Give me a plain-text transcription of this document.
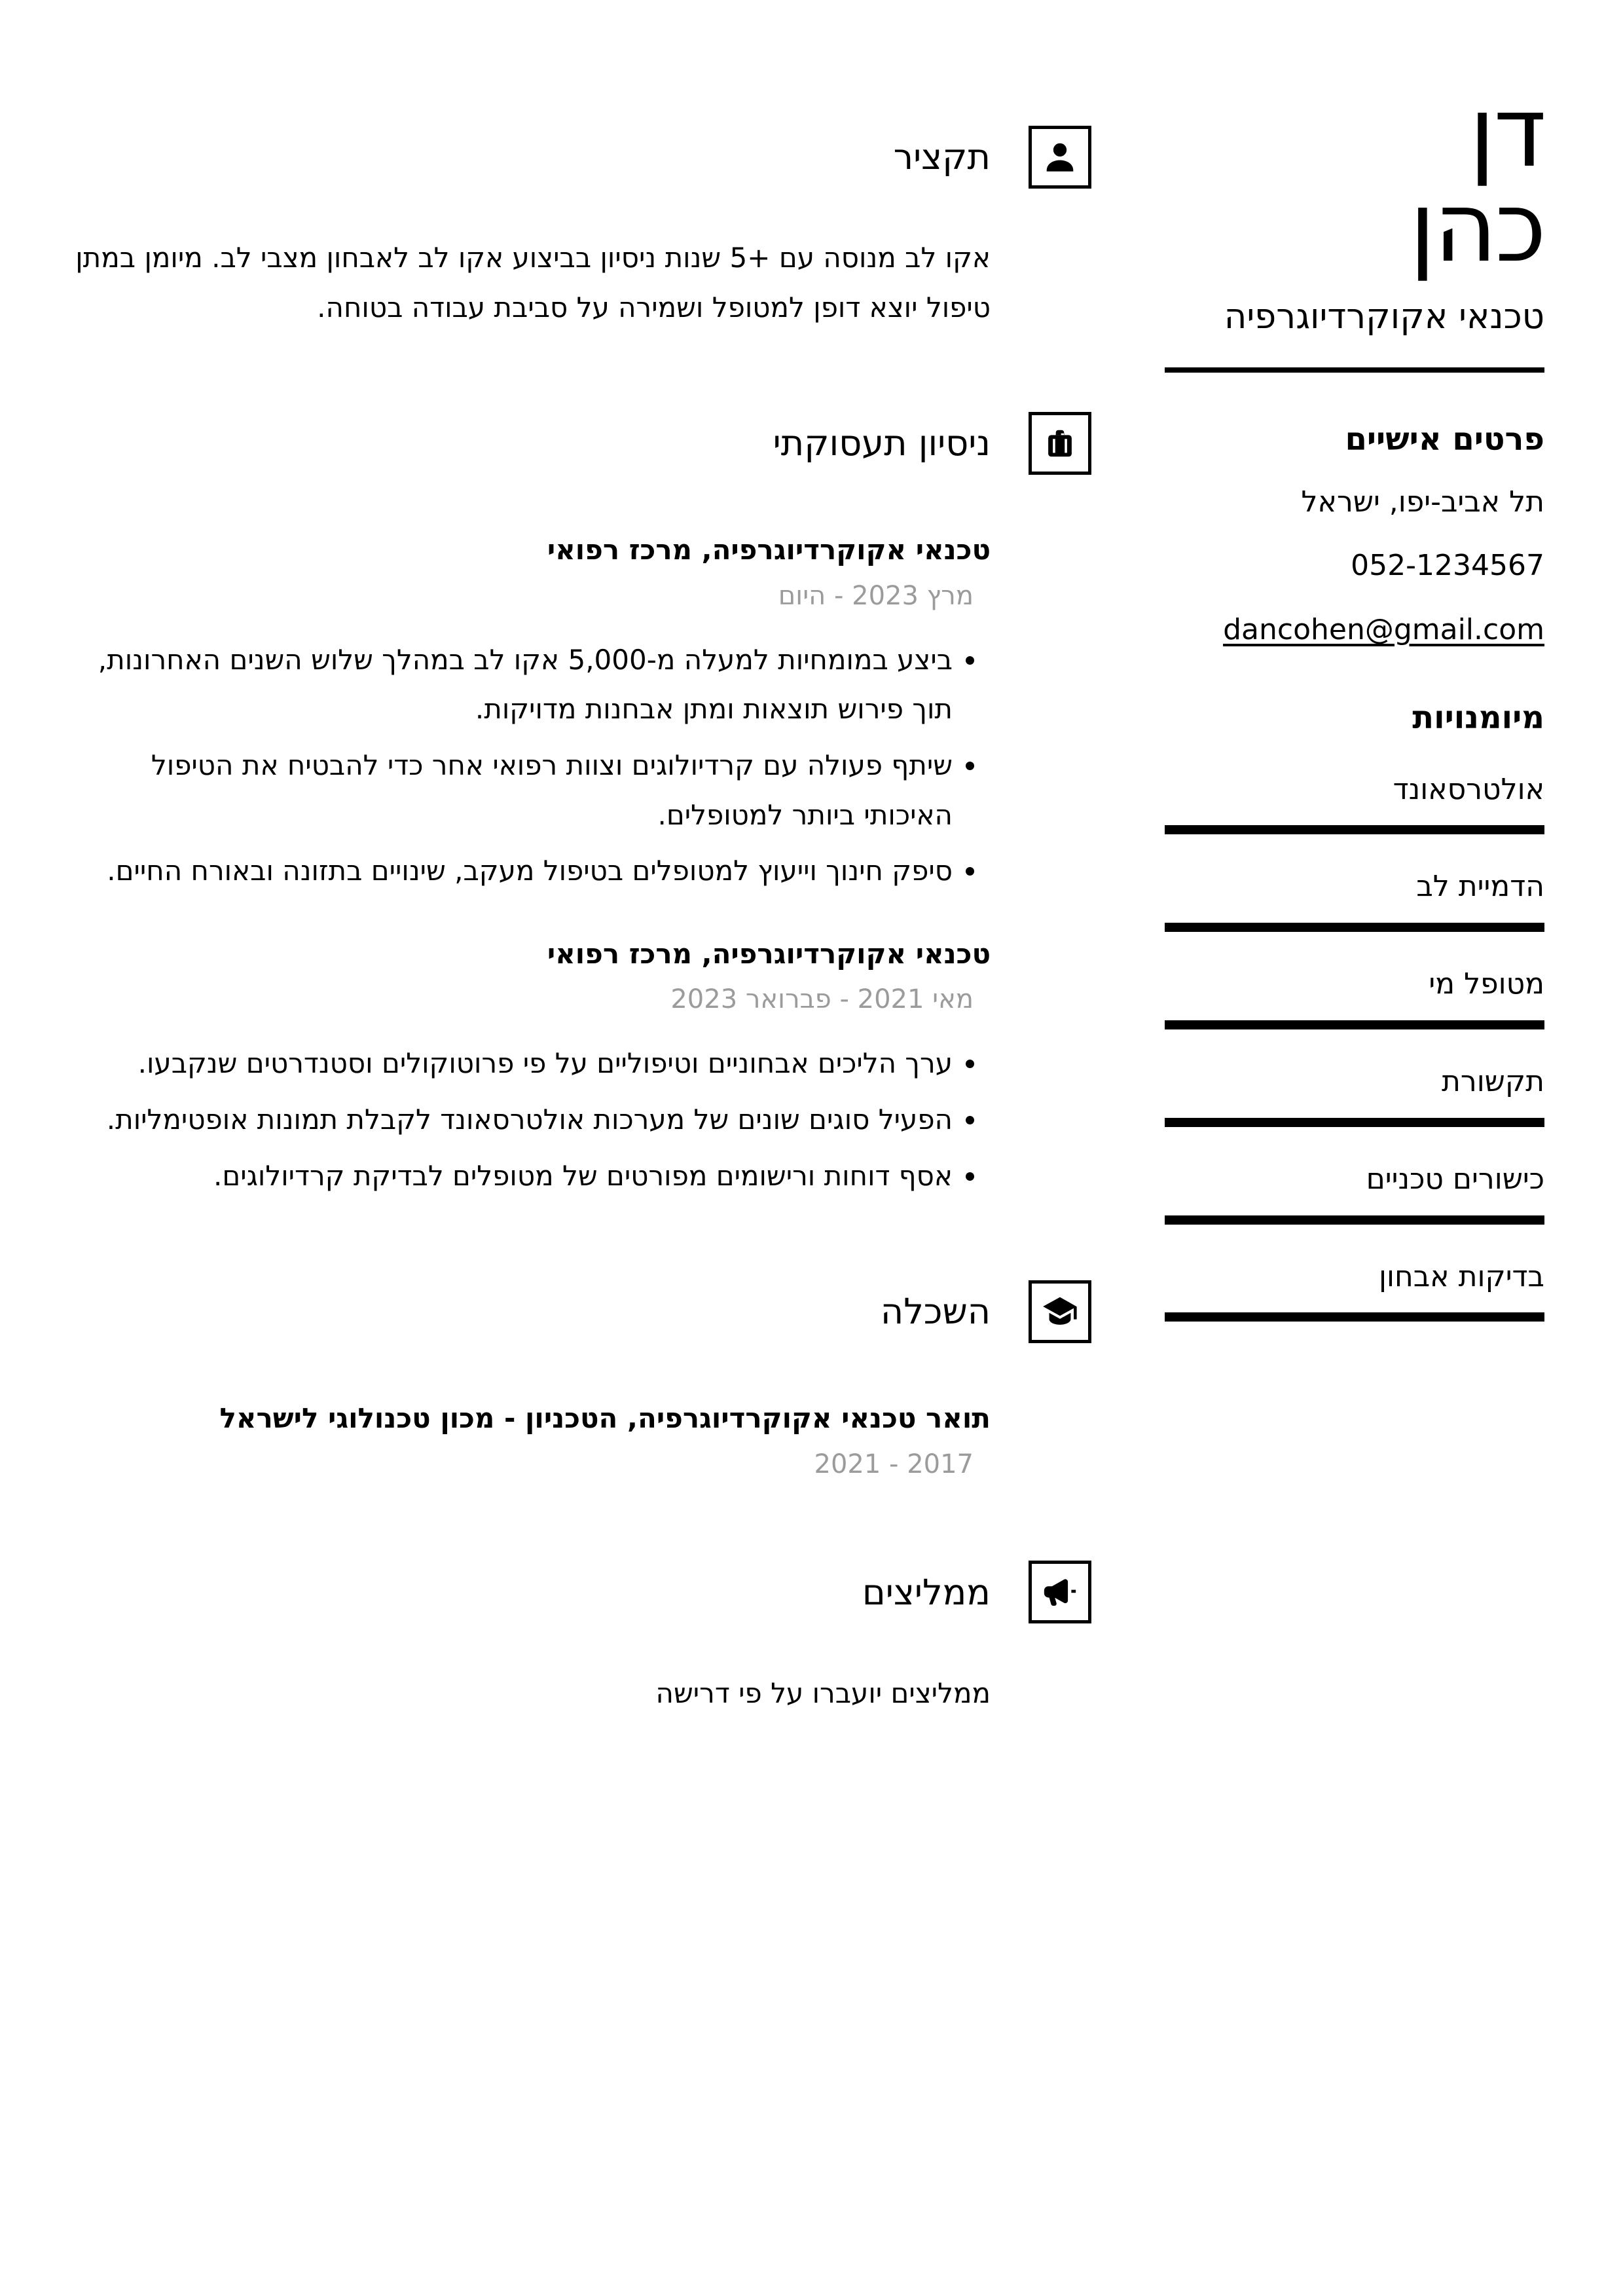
דן
כהן
טכנאי אקוקרדיוגרפיה
פרטים אישיים

תל אביב-יפו, ישראל

052-1234567

dancohen@gmail.com

מיומנויות
אולטרסאונד
הדמיית לב
מטופל מי
תקשורת
כישורים טכניים
בדיקות אבחון
תקציר

אקו לב מנוסה עם +5 שנות ניסיון בביצוע אקו לב לאבחון מצבי לב. מיומן במתן טיפול יוצא דופן למטופל ושמירה על סביבת עבודה בטוחה.

ניסיון תעסוקתי
טכנאי אקוקרדיוגרפיה, מרכז רפואי
מרץ 2023 - היום
• ביצע במומחיות למעלה מ-5,000 אקו לב במהלך שלוש השנים האחרונות, תוך פירוש תוצאות ומתן אבחנות מדויקות.
• שיתף פעולה עם קרדיולוגים וצוות רפואי אחר כדי להבטיח את הטיפול האיכותי ביותר למטופלים.
• סיפק חינוך וייעוץ למטופלים בטיפול מעקב, שינויים בתזונה ובאורח החיים.
טכנאי אקוקרדיוגרפיה, מרכז רפואי
מאי 2021 - פברואר 2023
• ערך הליכים אבחוניים וטיפוליים על פי פרוטוקולים וסטנדרטים שנקבעו.
• הפעיל סוגים שונים של מערכות אולטרסאונד לקבלת תמונות אופטימליות.
• אסף דוחות ורישומים מפורטים של מטופלים לבדיקת קרדיולוגים.
השכלה
תואר טכנאי אקוקרדיוגרפיה, הטכניון - מכון טכנולוגי לישראל
2017 - 2021
ממליצים

ממליצים יועברו על פי דרישה
